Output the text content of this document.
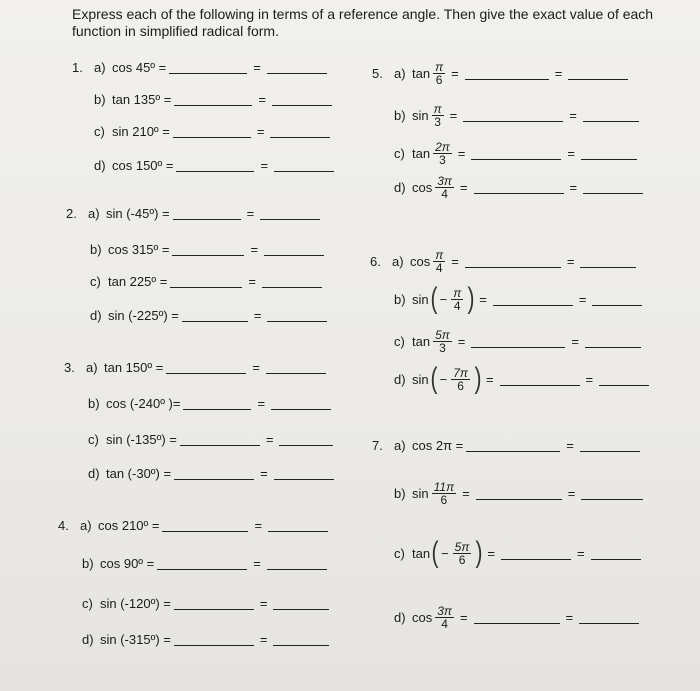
Express each of the following in terms of a reference angle. Then give the exact value of each function in simplified radical form.
1. a) cos 45º =	=
b) tan 135º =	=
c) sin 210º =	=
d) cos 150º =	=
2. a) sin (-45º) =	=
b) cos 315º =	=
c) tan 225º =	=
d) sin (-225º) =	=
3. a) tan 150º =	=
b) cos (-240º )=	=
c) sin (-135º) =	=
d) tan (-30º) =	=
4. a) cos 210º =	=
b) cos 90º =	=
c) sin (-120º) =	=
d) sin (-315º) =	=
5. a) $\tan \frac{\pi}{6}$ =	=
b) $\sin \frac{\pi}{3}$ =	=
c) $\tan \frac{2\pi}{3}$ =	=
d) $\cos \frac{3\pi}{4}$ =	=
6. a) $\cos \frac{\pi}{4}$ =	=
b) sin ( − $\frac{\pi}{4}$ ) =	=
c) $\tan \frac{5\pi}{3}$ =	=
d) sin ( − $\frac{7\pi}{6}$ ) =	=
7. a) cos 2π =	=
b) $\sin \frac{11\pi}{6}$ =	=
c) tan ( − $\frac{5\pi}{6}$ ) =	=
d) $\cos \frac{3\pi}{4}$ =	=
